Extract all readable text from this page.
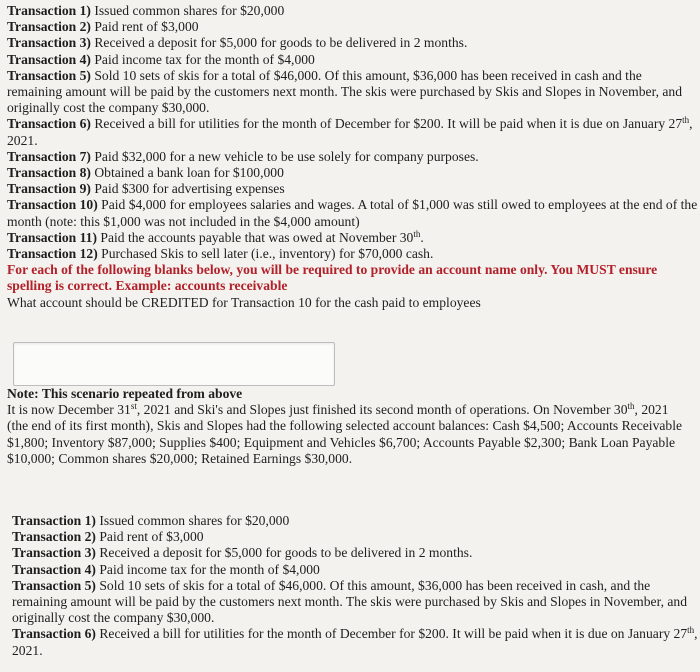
Transaction 1) Issued common shares for $20,000
Transaction 2) Paid rent of $3,000
Transaction 3) Received a deposit for $5,000 for goods to be delivered in 2 months.
Transaction 4) Paid income tax for the month of $4,000
Transaction 5) Sold 10 sets of skis for a total of $46,000. Of this amount, $36,000 has been received in cash and the remaining amount will be paid by the customers next month. The skis were purchased by Skis and Slopes in November, and originally cost the company $30,000.
Transaction 6) Received a bill for utilities for the month of December for $200. It will be paid when it is due on January 27th, 2021.
Transaction 7) Paid $32,000 for a new vehicle to be use solely for company purposes.
Transaction 8) Obtained a bank loan for $100,000
Transaction 9) Paid $300 for advertising expenses
Transaction 10) Paid $4,000 for employees salaries and wages. A total of $1,000 was still owed to employees at the end of the month (note: this $1,000 was not included in the $4,000 amount)
Transaction 11) Paid the accounts payable that was owed at November 30th.
Transaction 12) Purchased Skis to sell later (i.e., inventory) for $70,000 cash.
For each of the following blanks below, you will be required to provide an account name only. You MUST ensure spelling is correct. Example: accounts receivable
What account should be CREDITED for Transaction 10 for the cash paid to employees
Note: This scenario repeated from above
It is now December 31st, 2021 and Ski's and Slopes just finished its second month of operations. On November 30th, 2021 (the end of its first month), Skis and Slopes had the following selected account balances: Cash $4,500; Accounts Receivable $1,800; Inventory $87,000; Supplies $400; Equipment and Vehicles $6,700; Accounts Payable $2,300; Bank Loan Payable $10,000; Common shares $20,000; Retained Earnings $30,000.
Transaction 1) Issued common shares for $20,000
Transaction 2) Paid rent of $3,000
Transaction 3) Received a deposit for $5,000 for goods to be delivered in 2 months.
Transaction 4) Paid income tax for the month of $4,000
Transaction 5) Sold 10 sets of skis for a total of $46,000. Of this amount, $36,000 has been received in cash, and the remaining amount will be paid by the customers next month. The skis were purchased by Skis and Slopes in November, and originally cost the company $30,000.
Transaction 6) Received a bill for utilities for the month of December for $200. It will be paid when it is due on January 27th, 2021.
